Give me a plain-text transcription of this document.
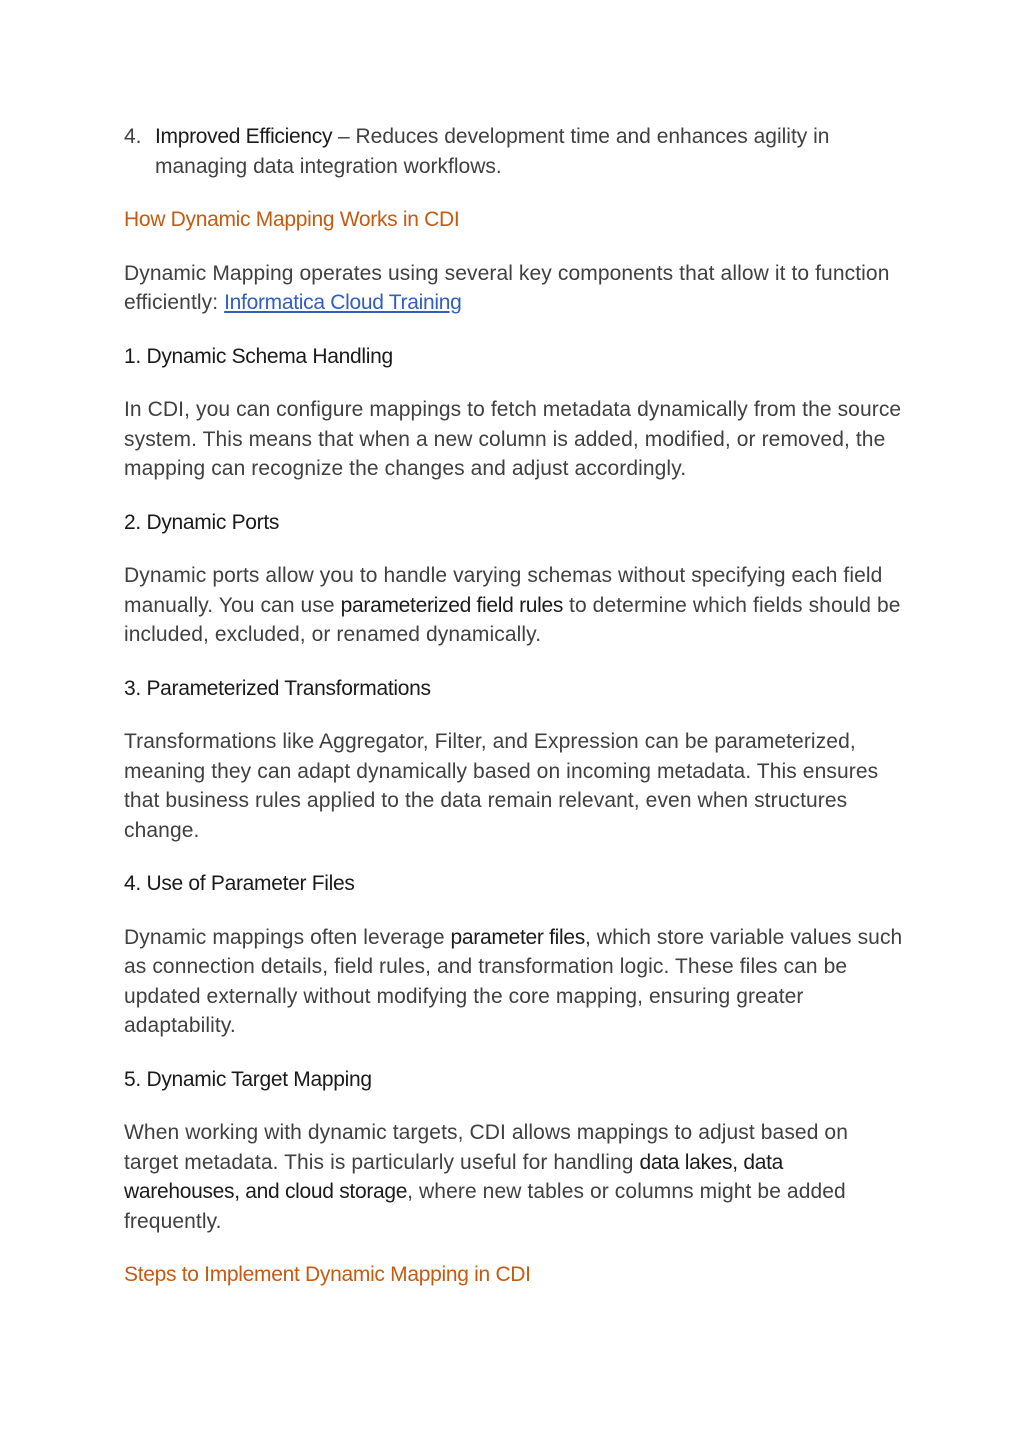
4. Improved Efficiency – Reduces development time and enhances agility in managing data integration workflows.
How Dynamic Mapping Works in CDI

Dynamic Mapping operates using several key components that allow it to function efficiently: Informatica Cloud Training

1. Dynamic Schema Handling

In CDI, you can configure mappings to fetch metadata dynamically from the source system. This means that when a new column is added, modified, or removed, the mapping can recognize the changes and adjust accordingly.

2. Dynamic Ports

Dynamic ports allow you to handle varying schemas without specifying each field manually. You can use parameterized field rules to determine which fields should be included, excluded, or renamed dynamically.

3. Parameterized Transformations

Transformations like Aggregator, Filter, and Expression can be parameterized, meaning they can adapt dynamically based on incoming metadata. This ensures that business rules applied to the data remain relevant, even when structures change.

4. Use of Parameter Files

Dynamic mappings often leverage parameter files, which store variable values such as connection details, field rules, and transformation logic. These files can be updated externally without modifying the core mapping, ensuring greater adaptability.

5. Dynamic Target Mapping

When working with dynamic targets, CDI allows mappings to adjust based on target metadata. This is particularly useful for handling data lakes, data warehouses, and cloud storage, where new tables or columns might be added frequently.

Steps to Implement Dynamic Mapping in CDI
